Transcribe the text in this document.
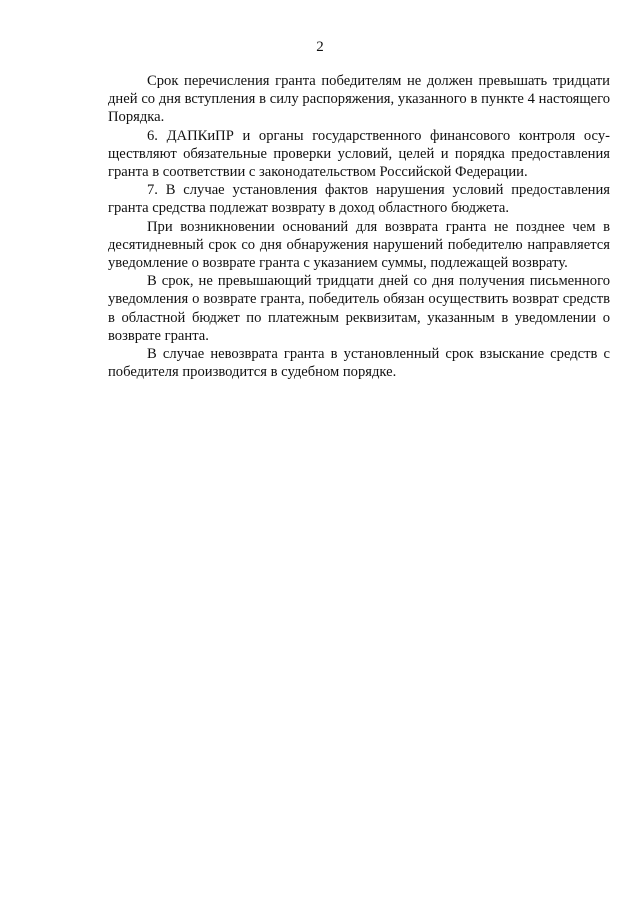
2

Срок перечисления гранта победителям не должен превышать тридцати дней со дня вступления в силу распоряжения, указанного в пункте 4 настоящего Порядка.

6. ДАПКиПР и органы государственного финансового контроля осуществляют обязательные проверки условий, целей и порядка предоставления гранта в соответствии с законодательством Российской Федерации.

7. В случае установления фактов нарушения условий предоставления гранта средства подлежат возврату в доход областного бюджета.

При возникновении оснований для возврата гранта не позднее чем в десятидневный срок со дня обнаружения нарушений победителю направляется уведомление о возврате гранта с указанием суммы, подлежащей возврату.

В срок, не превышающий тридцати дней со дня получения письменного уведомления о возврате гранта, победитель обязан осуществить возврат средств в областной бюджет по платежным реквизитам, указанным в уведомлении о возврате гранта.

В случае невозврата гранта в установленный срок взыскание средств с победителя производится в судебном порядке.
